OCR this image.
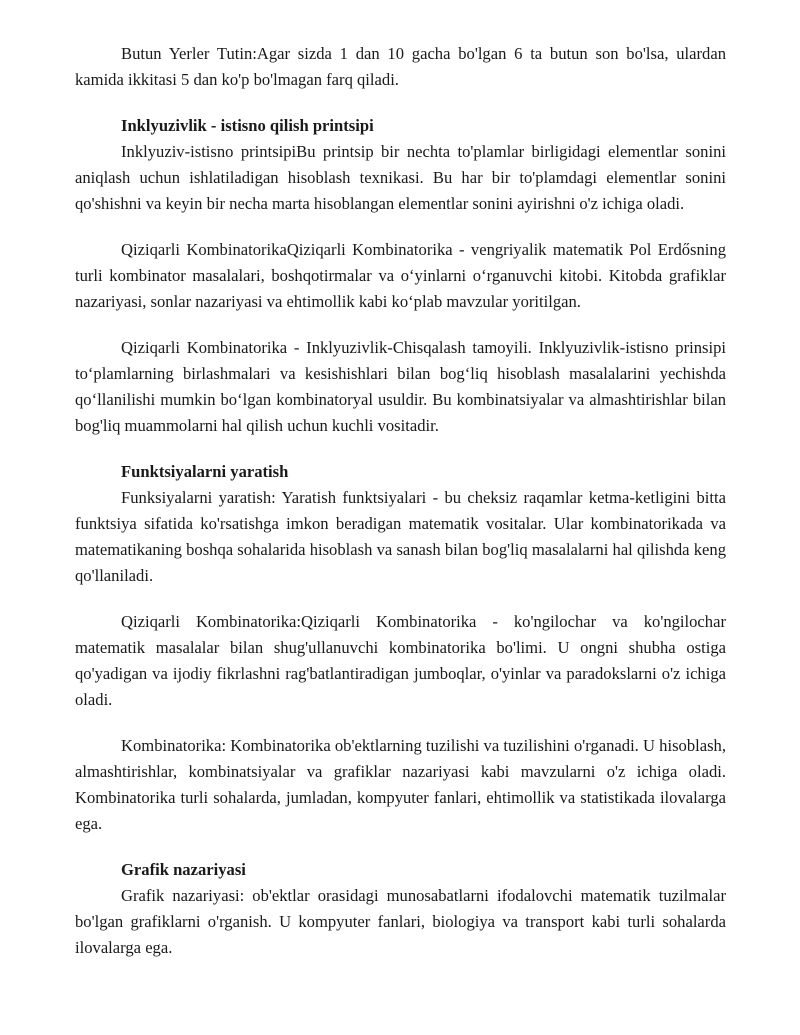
Butun Yerler Tutin:Agar sizda 1 dan 10 gacha bo'lgan 6 ta butun son bo'lsa, ulardan kamida ikkitasi 5 dan ko'p bo'lmagan farq qiladi.

Inklyuzivlik - istisno qilish printsipi

Inklyuziv-istisno printsipiBu printsip bir nechta to'plamlar birligidagi elementlar sonini aniqlash uchun ishlatiladigan hisoblash texnikasi. Bu har bir to'plamdagi elementlar sonini qo'shishni va keyin bir necha marta hisoblangan elementlar sonini ayirishni o'z ichiga oladi.

Qiziqarli KombinatorikaQiziqarli Kombinatorika - vengriyalik matematik Pol Erdősning turli kombinator masalalari, boshqotirmalar va o‘yinlarni o‘rganuvchi kitobi. Kitobda grafiklar nazariyasi, sonlar nazariyasi va ehtimollik kabi ko‘plab mavzular yoritilgan.

Qiziqarli Kombinatorika - Inklyuzivlik-Chisqalash tamoyili. Inklyuzivlik-istisno prinsipi to‘plamlarning birlashmalari va kesishishlari bilan bog‘liq hisoblash masalalarini yechishda qo‘llanilishi mumkin bo‘lgan kombinatoryal usuldir. Bu kombinatsiyalar va almashtirishlar bilan bog'liq muammolarni hal qilish uchun kuchli vositadir.

Funktsiyalarni yaratish

Funksiyalarni yaratish: Yaratish funktsiyalari - bu cheksiz raqamlar ketma-ketligini bitta funktsiya sifatida ko'rsatishga imkon beradigan matematik vositalar. Ular kombinatorikada va matematikaning boshqa sohalarida hisoblash va sanash bilan bog'liq masalalarni hal qilishda keng qo'llaniladi.

Qiziqarli Kombinatorika:Qiziqarli Kombinatorika - ko'ngilochar va ko'ngilochar matematik masalalar bilan shug'ullanuvchi kombinatorika bo'limi. U ongni shubha ostiga qo'yadigan va ijodiy fikrlashni rag'batlantiradigan jumboqlar, o'yinlar va paradokslarni o'z ichiga oladi.

Kombinatorika: Kombinatorika ob'ektlarning tuzilishi va tuzilishini o'rganadi. U hisoblash, almashtirishlar, kombinatsiyalar va grafiklar nazariyasi kabi mavzularni o'z ichiga oladi. Kombinatorika turli sohalarda, jumladan, kompyuter fanlari, ehtimollik va statistikada ilovalarga ega.

Grafik nazariyasi

Grafik nazariyasi: ob'ektlar orasidagi munosabatlarni ifodalovchi matematik tuzilmalar bo'lgan grafiklarni o'rganish. U kompyuter fanlari, biologiya va transport kabi turli sohalarda ilovalarga ega.
